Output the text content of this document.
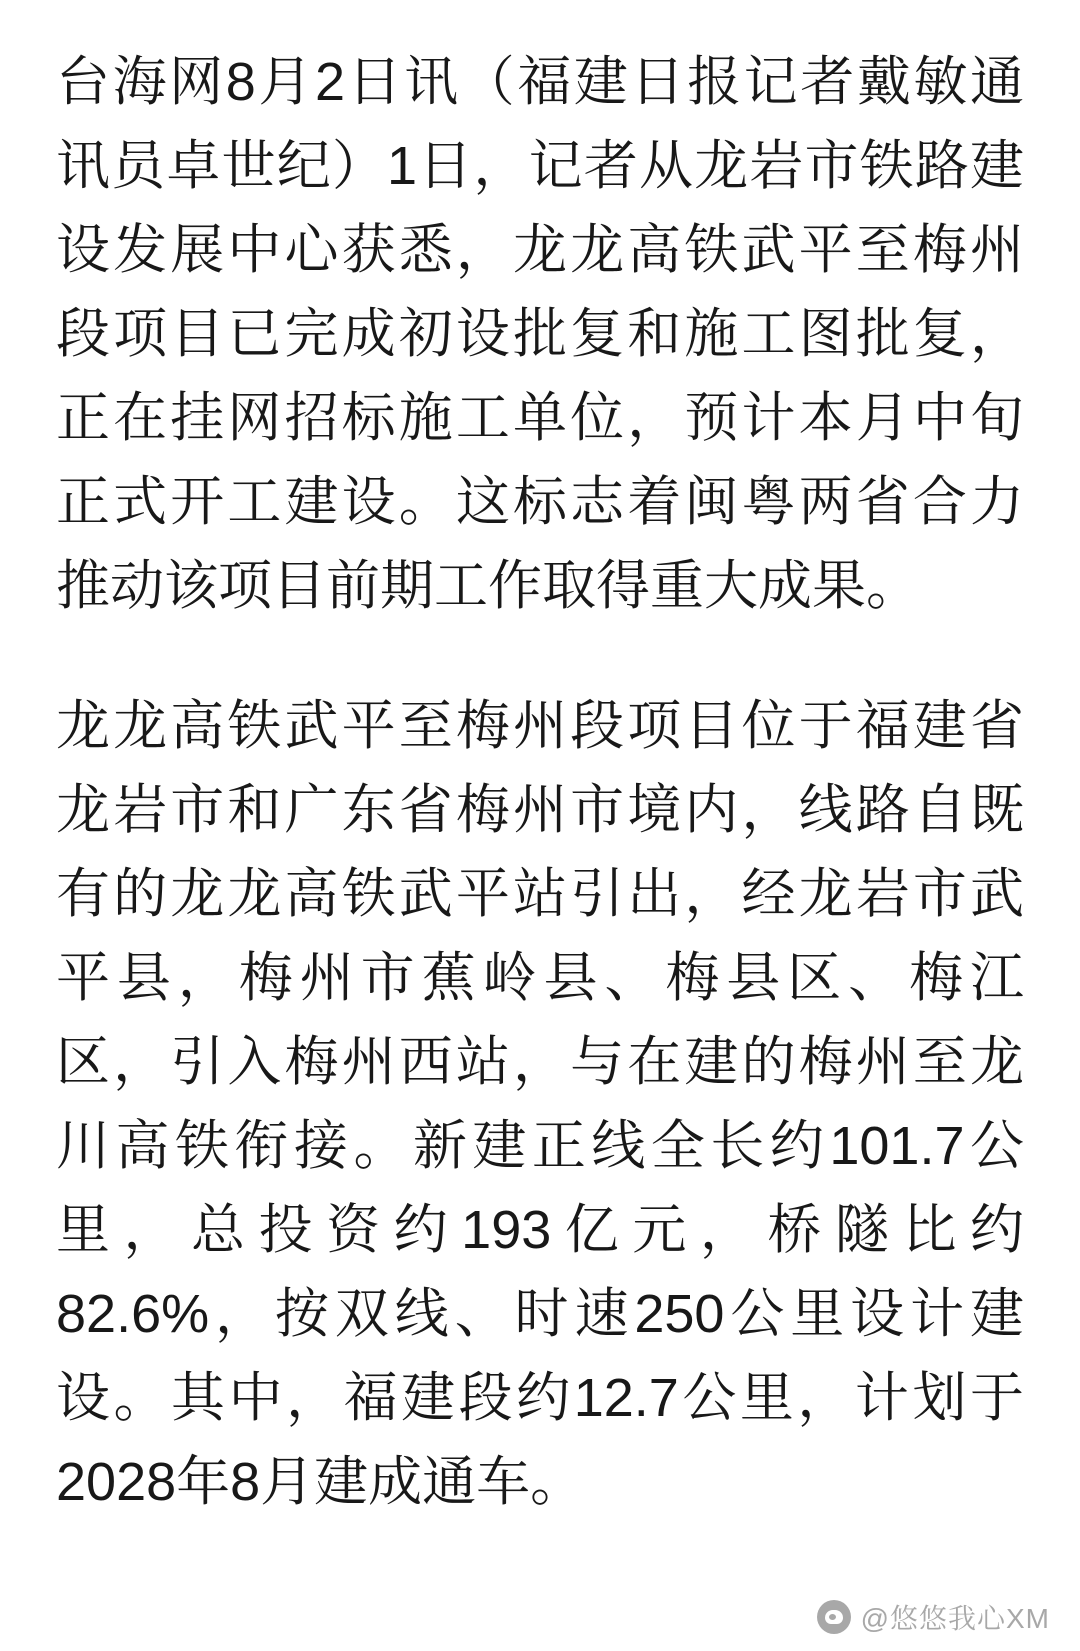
台海网8月2日讯（福建日报记者戴敏通讯员卓世纪）1日，记者从龙岩市铁路建设发展中心获悉，龙龙高铁武平至梅州段项目已完成初设批复和施工图批复，正在挂网招标施工单位，预计本月中旬正式开工建设。这标志着闽粤两省合力推动该项目前期工作取得重大成果。

龙龙高铁武平至梅州段项目位于福建省龙岩市和广东省梅州市境内，线路自既有的龙龙高铁武平站引出，经龙岩市武平县，梅州市蕉岭县、梅县区、梅江区，引入梅州西站，与在建的梅州至龙川高铁衔接。新建正线全长约101.7公里，总投资约193亿元，桥隧比约82.6%，按双线、时速250公里设计建设。其中，福建段约12.7公里，计划于2028年8月建成通车。

@悠悠我心XM
